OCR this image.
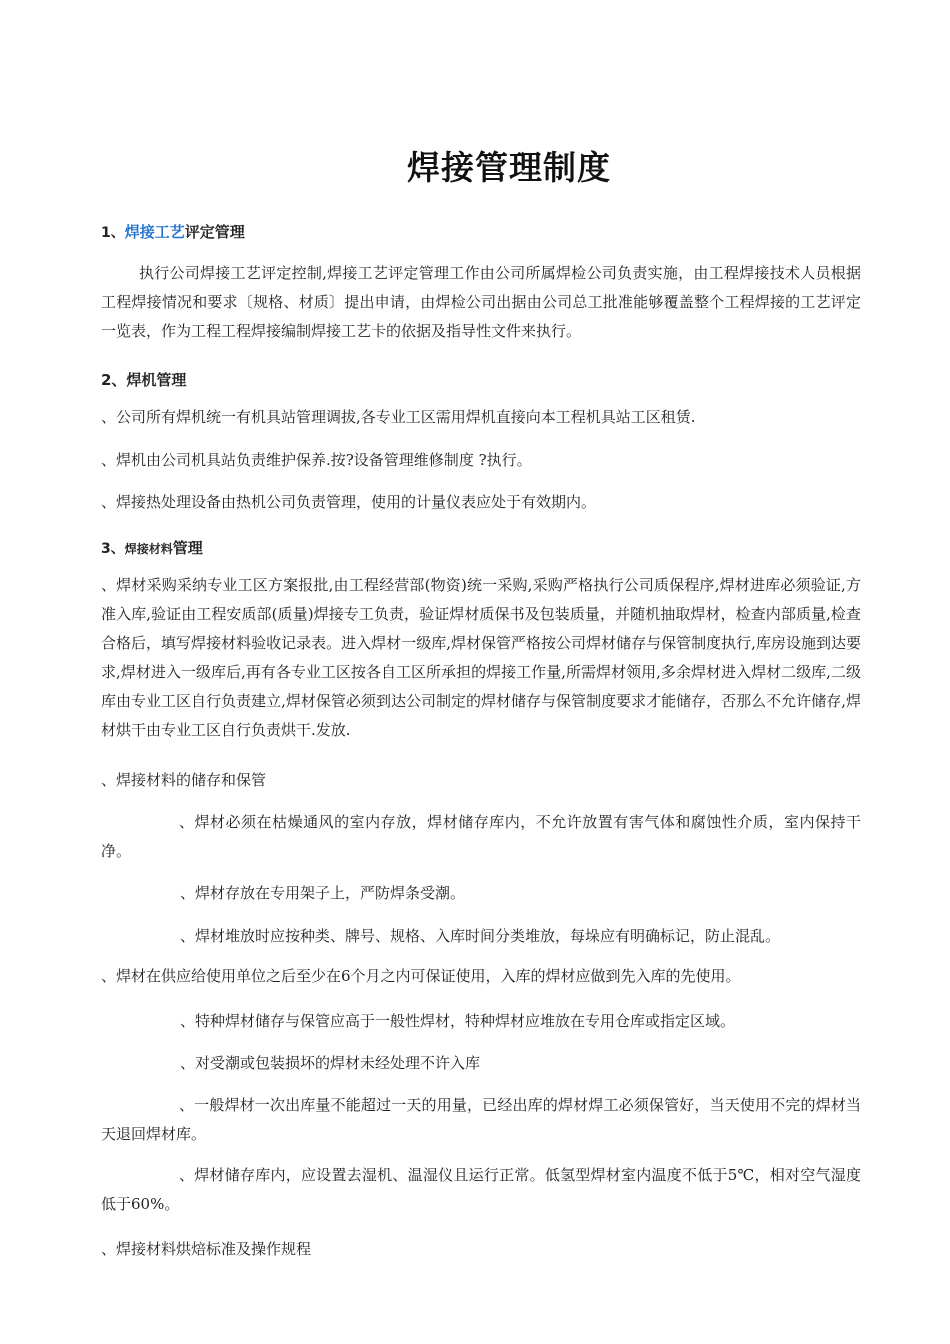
焊接管理制度
1、焊接工艺评定管理

执行公司焊接工艺评定控制,焊接工艺评定管理工作由公司所属焊检公司负责实施，由工程焊接技术人员根据工程焊接情况和要求〔规格、材质〕提出申请，由焊检公司出据由公司总工批准能够覆盖整个工程焊接的工艺评定一览表，作为工程工程焊接编制焊接工艺卡的依据及指导性文件来执行。

2、焊机管理

、公司所有焊机统一有机具站管理调拔,各专业工区需用焊机直接向本工程机具站工区租赁.

、焊机由公司机具站负责维护保养.按?设备管理维修制度 ?执行。

、焊接热处理设备由热机公司负责管理，使用的计量仪表应处于有效期内。

3、焊接材料管理

、焊材采购采纳专业工区方案报批,由工程经营部(物资)统一采购,采购严格执行公司质保程序,焊材进库必须验证,方准入库,验证由工程安质部(质量)焊接专工负责，验证焊材质保书及包装质量，并随机抽取焊材，检查内部质量,检查合格后，填写焊接材料验收记录表。进入焊材一级库,焊材保管严格按公司焊材储存与保管制度执行,库房设施到达要求,焊材进入一级库后,再有各专业工区按各自工区所承担的焊接工作量,所需焊材领用,多余焊材进入焊材二级库,二级库由专业工区自行负责建立,焊材保管必须到达公司制定的焊材储存与保管制度要求才能储存，否那么不允许储存,焊材烘干由专业工区自行负责烘干.发放.

、焊接材料的储存和保管

、焊材必须在枯燥通风的室内存放，焊材储存库内，不允许放置有害气体和腐蚀性介质，室内保持干净。

、焊材存放在专用架子上，严防焊条受潮。

、焊材堆放时应按种类、牌号、规格、入库时间分类堆放，每垛应有明确标记，防止混乱。

、焊材在供应给使用单位之后至少在6个月之内可保证使用，入库的焊材应做到先入库的先使用。

、特种焊材储存与保管应高于一般性焊材，特种焊材应堆放在专用仓库或指定区域。

、对受潮或包装损坏的焊材未经处理不许入库

、一般焊材一次出库量不能超过一天的用量，已经出库的焊材焊工必须保管好，当天使用不完的焊材当天退回焊材库。

、焊材储存库内，应设置去湿机、温湿仪且运行正常。低氢型焊材室内温度不低于5℃，相对空气湿度低于60%。

、焊接材料烘焙标准及操作规程
